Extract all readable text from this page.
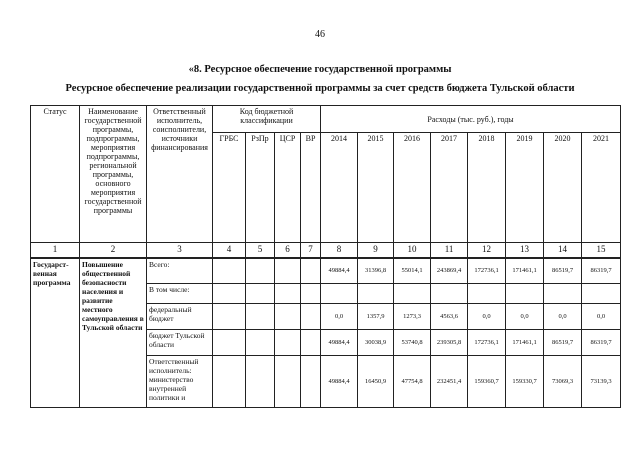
46
«8. Ресурсное обеспечение государственной программы
Ресурсное обеспечение реализации государственной программы за счет средств бюджета Тульской области
Статус	Наименование государственной программы, подпрограммы, мероприятия подпрограммы, региональной программы, основного мероприятия государственной программы	Ответственный исполнитель, соисполнители, источники финансирования	Код бюджетной классификации				Расходы (тыс. руб.), годы							
			ГРБС	РзПр	ЦСР	ВР	2014	2015	2016	2017	2018	2019	2020	2021
1	2	3	4	5	6	7	8	9	10	11	12	13	14	15
Государст-венная программа	Повышение общественной безопасности населения и развитие местного самоуправления в Тульской области	Всего:					49884,4	31396,8	55014,1	243869,4	172736,1	171461,1	86519,7	86319,7
		В том числе:												
		федеральный бюджет					0,0	1357,9	1273,3	4563,6	0,0	0,0	0,0	0,0
		бюджет Тульской области					49884,4	30038,9	53740,8	239305,8	172736,1	171461,1	86519,7	86319,7
		Ответственный исполнитель: министерство внутренней политики и					49884,4	16450,9	47754,8	232451,4	159360,7	159330,7	73069,3	73139,3
